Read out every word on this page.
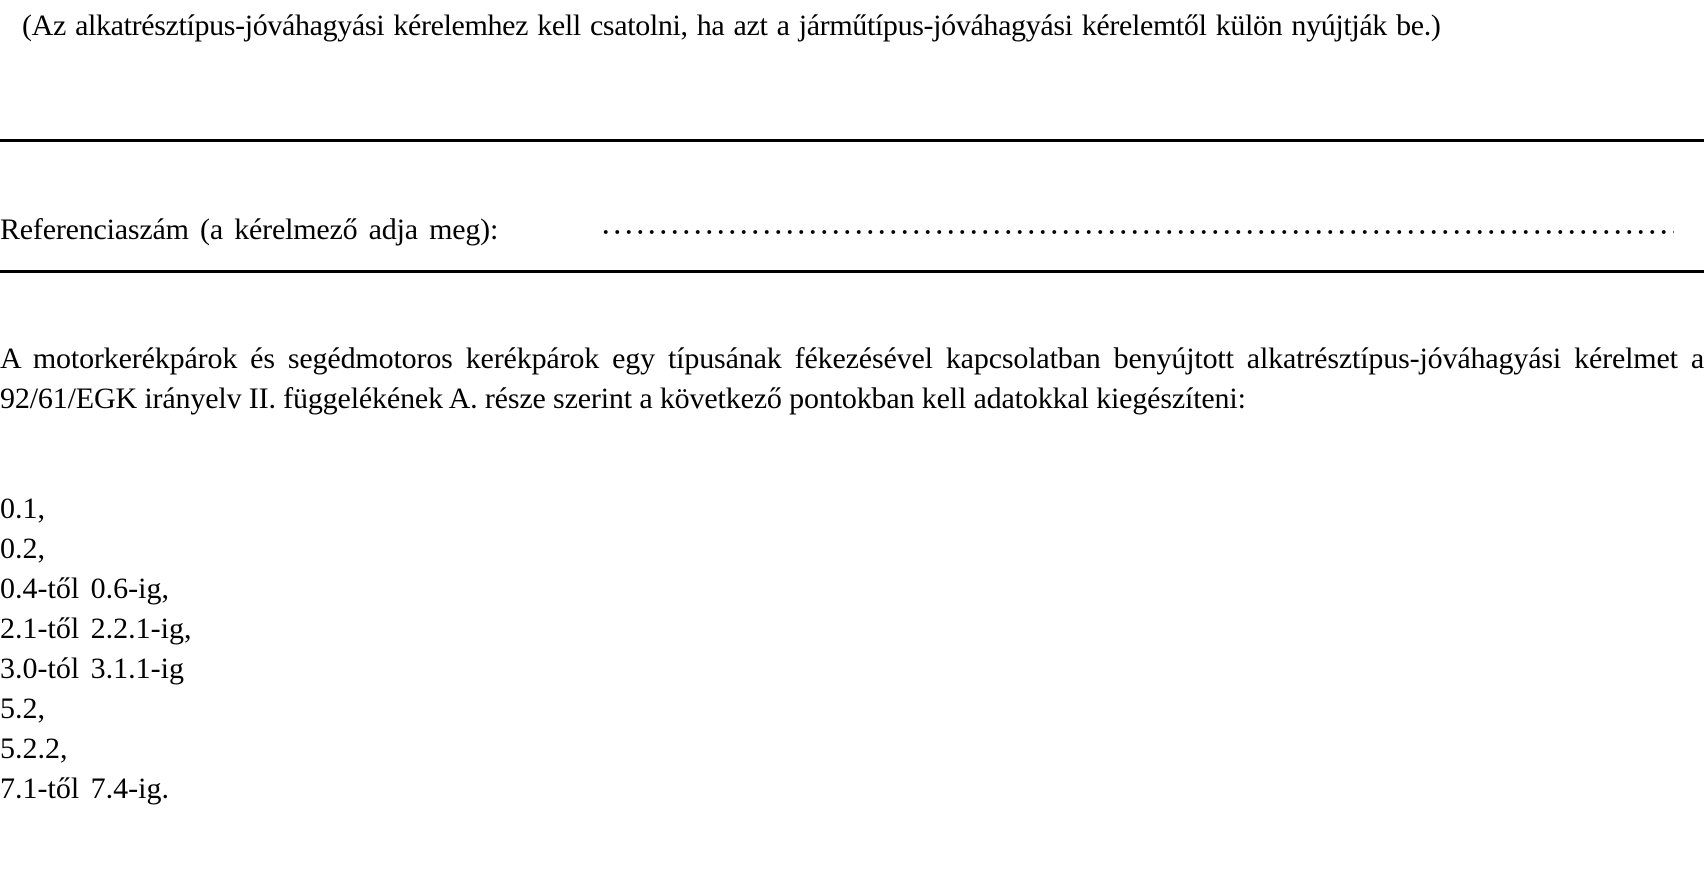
(Az alkatrésztípus-jóváhagyási kérelemhez kell csatolni, ha azt a járműtípus-jóváhagyási kérelemtől külön nyújtják be.)
Referenciaszám (a kérelmező adja meg):

A motorkerékpárok és segédmotoros kerékpárok egy típusának fékezésével kapcsolatban benyújtott alkatrésztípus-jóváhagyási kérelmet a 92/61/EGK irányelv II. függelékének A. része szerint a következő pontokban kell adatokkal kiegészíteni:

0.1,
0.2,
0.4-től 0.6-ig,
2.1-től 2.2.1-ig,
3.0-tól 3.1.1-ig
5.2,
5.2.2,
7.1-től 7.4-ig.
